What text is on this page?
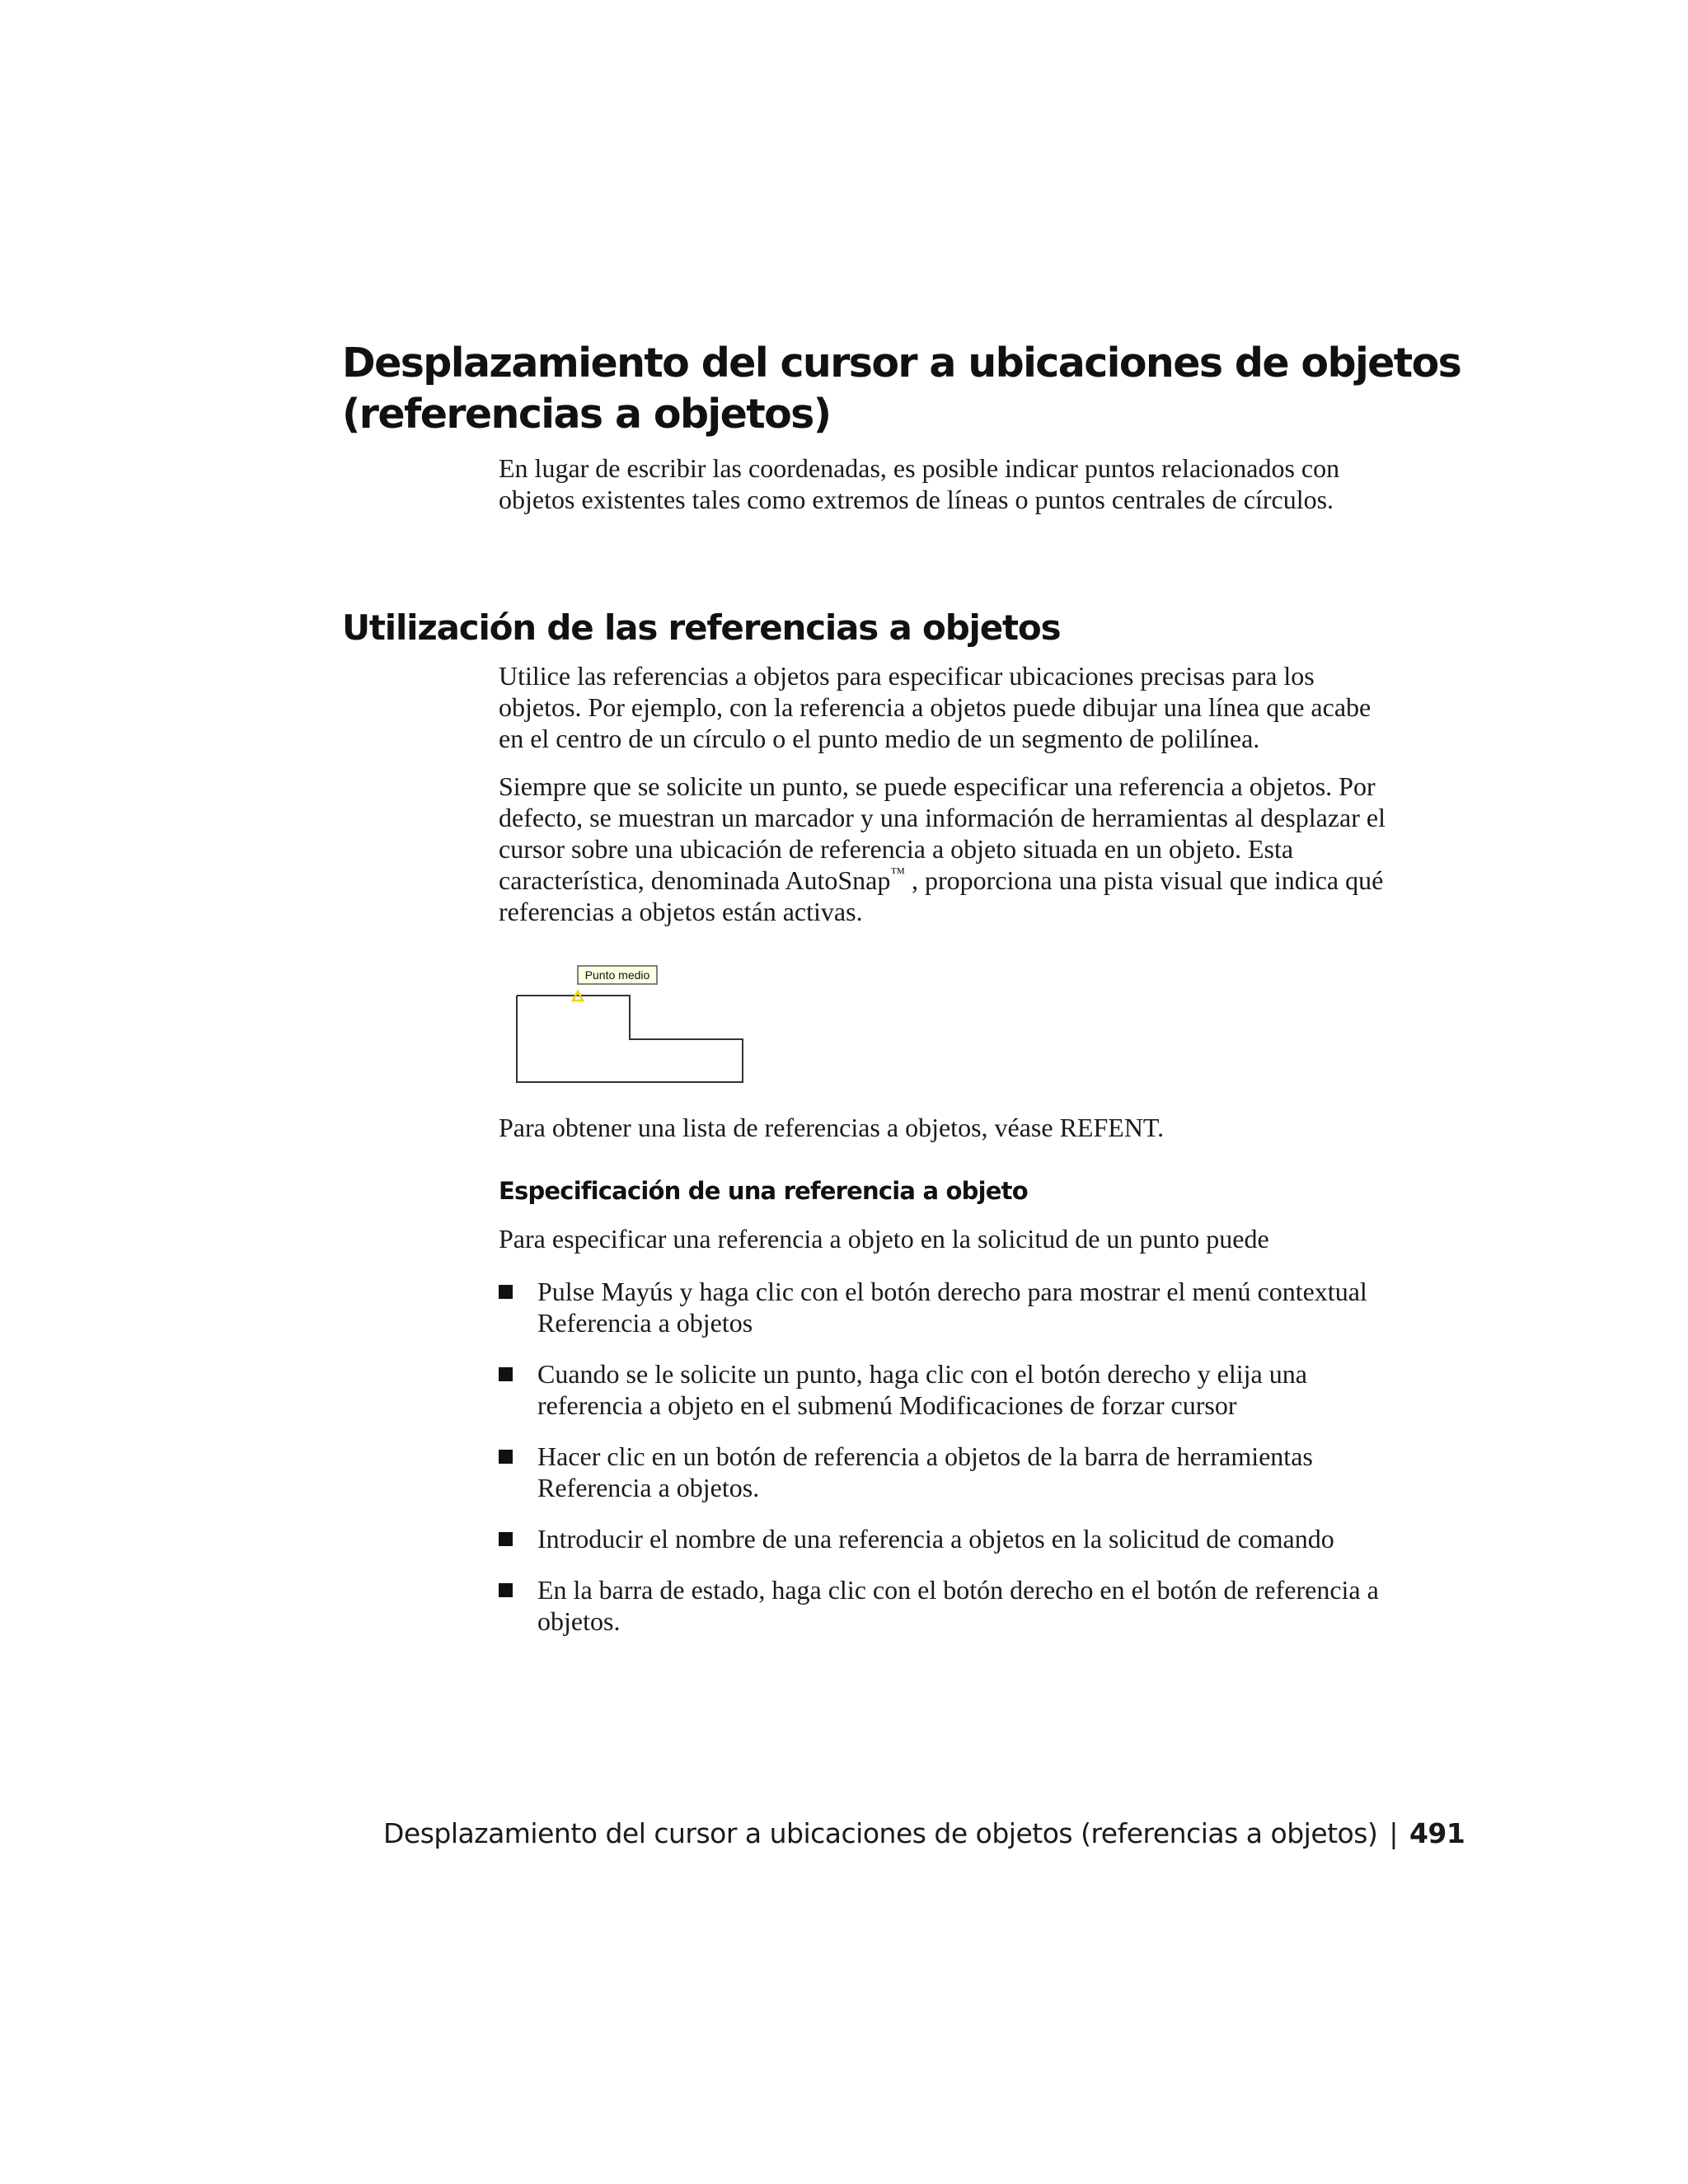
Desplazamiento del cursor a ubicaciones de objetos (referencias a objetos)

En lugar de escribir las coordenadas, es posible indicar puntos relacionados con objetos existentes tales como extremos de líneas o puntos centrales de círculos.

Utilización de las referencias a objetos

Utilice las referencias a objetos para especificar ubicaciones precisas para los objetos. Por ejemplo, con la referencia a objetos puede dibujar una línea que acabe en el centro de un círculo o el punto medio de un segmento de polilínea.

Siempre que se solicite un punto, se puede especificar una referencia a objetos. Por defecto, se muestran un marcador y una información de herramientas al desplazar el cursor sobre una ubicación de referencia a objeto situada en un objeto. Esta característica, denominada AutoSnap™ , proporciona una pista visual que indica qué referencias a objetos están activas.

Punto medio

Para obtener una lista de referencias a objetos, véase REFENT.

Especificación de una referencia a objeto

Para especificar una referencia a objeto en la solicitud de un punto puede

Pulse Mayús y haga clic con el botón derecho para mostrar el menú contextual Referencia a objetos
Cuando se le solicite un punto, haga clic con el botón derecho y elija una referencia a objeto en el submenú Modificaciones de forzar cursor
Hacer clic en un botón de referencia a objetos de la barra de herramientas Referencia a objetos.
Introducir el nombre de una referencia a objetos en la solicitud de comando
En la barra de estado, haga clic con el botón derecho en el botón de referencia a objetos.
Desplazamiento del cursor a ubicaciones de objetos (referencias a objetos) | 491
